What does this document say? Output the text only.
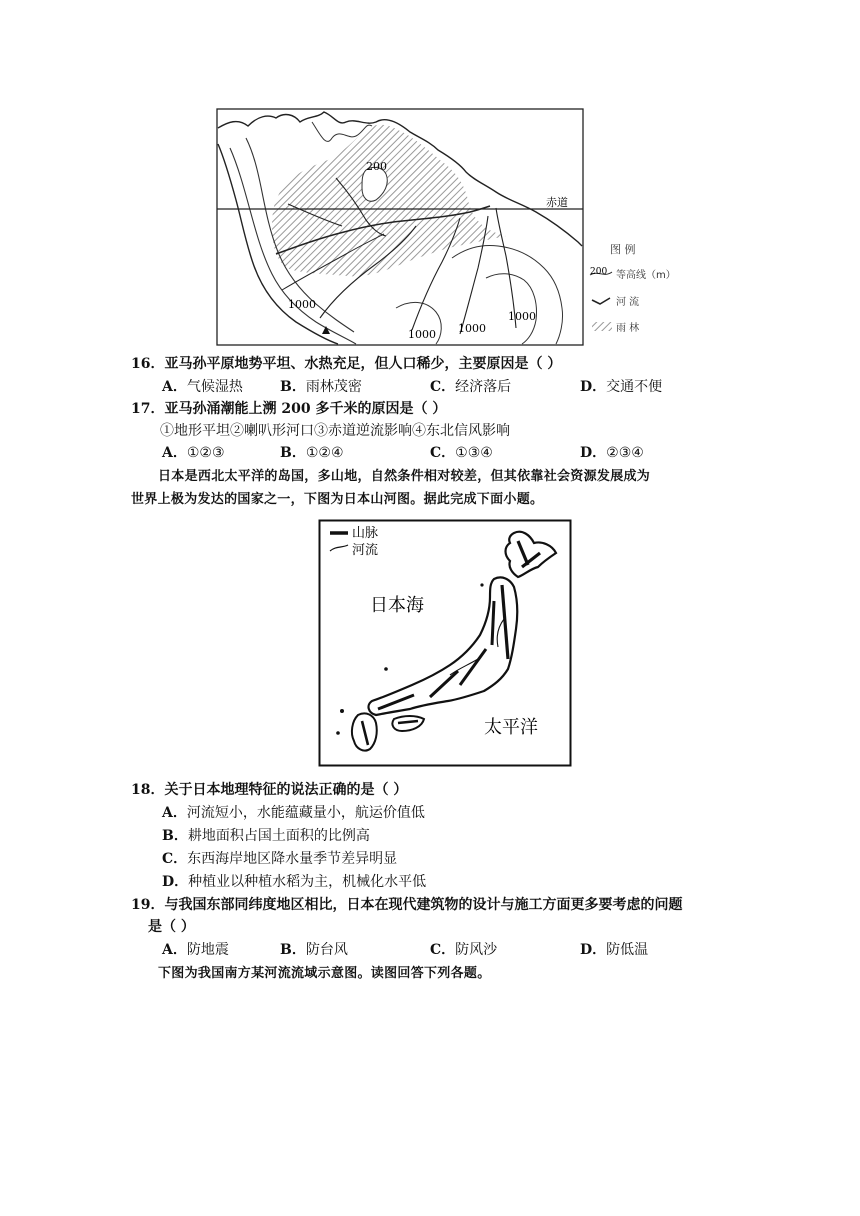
200
1000
1000 1000
1000
赤道
图 例
200 等高线（m）
河 流
雨 林
16．亚马孙平原地势平坦、水热充足，但人口稀少，主要原因是（ ）
A．气候湿热	B．雨林茂密	C．经济落后	D．交通不便
17．亚马孙涌潮能上溯 200 多千米的原因是（ ）
①地形平坦②喇叭形河口③赤道逆流影响④东北信风影响
A．①②③	B．①②④	C．①③④	D．②③④
日本是西北太平洋的岛国，多山地，自然条件相对较差，但其依靠社会资源发展成为
世界上极为发达的国家之一，下图为日本山河图。据此完成下面小题。
山脉
河流
日本海
太平洋
18．关于日本地理特征的说法正确的是（ ）
A．河流短小，水能蕴藏量小，航运价值低
B．耕地面积占国土面积的比例高
C．东西海岸地区降水量季节差异明显
D．种植业以种植水稻为主，机械化水平低
19．与我国东部同纬度地区相比，日本在现代建筑物的设计与施工方面更多要考虑的问题
是（ ）
A．防地震	B．防台风	C．防风沙	D．防低温
下图为我国南方某河流流域示意图。读图回答下列各题。
